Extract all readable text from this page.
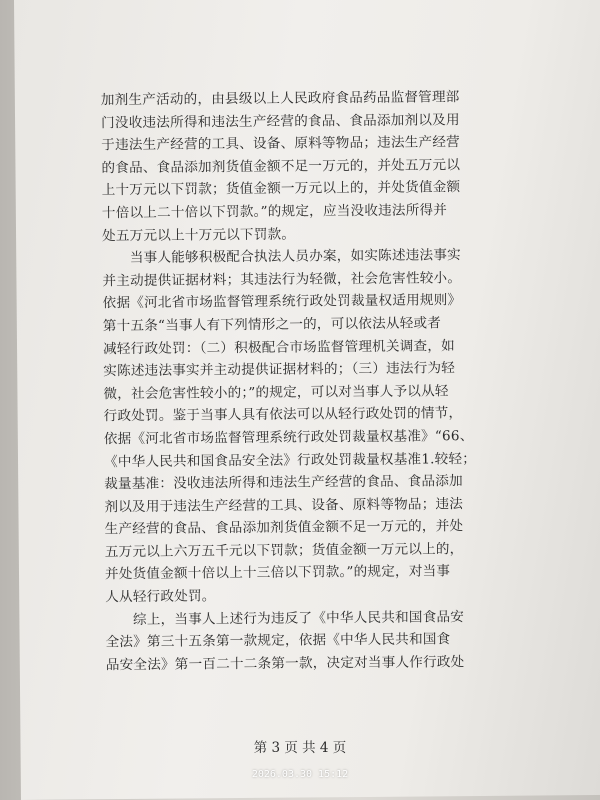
加剂生产活动的，由县级以上人民政府食品药品监督管理部
门没收违法所得和违法生产经营的食品、食品添加剂以及用
于违法生产经营的工具、设备、原料等物品；违法生产经营
的食品、食品添加剂货值金额不足一万元的，并处五万元以
上十万元以下罚款；货值金额一万元以上的，并处货值金额
十倍以上二十倍以下罚款。”的规定，应当没收违法所得并
处五万元以上十万元以下罚款。
　　当事人能够积极配合执法人员办案，如实陈述违法事实
并主动提供证据材料；其违法行为轻微，社会危害性较小。
依据《河北省市场监督管理系统行政处罚裁量权适用规则》
第十五条“当事人有下列情形之一的，可以依法从轻或者
减轻行政处罚：（二）积极配合市场监督管理机关调查，如
实陈述违法事实并主动提供证据材料的；（三）违法行为轻
微，社会危害性较小的；”的规定，可以对当事人予以从轻
行政处罚。鉴于当事人具有依法可以从轻行政处罚的情节，
依据《河北省市场监督管理系统行政处罚裁量权基准》“66、
《中华人民共和国食品安全法》行政处罚裁量权基准1.较轻；
裁量基准：没收违法所得和违法生产经营的食品、食品添加
剂以及用于违法生产经营的工具、设备、原料等物品；违法
生产经营的食品、食品添加剂货值金额不足一万元的，并处
五万元以上六万五千元以下罚款；货值金额一万元以上的，
并处货值金额十倍以上十三倍以下罚款。”的规定，对当事
人从轻行政处罚。
　　综上，当事人上述行为违反了《中华人民共和国食品安
全法》第三十五条第一款规定，依据《中华人民共和国食
品安全法》第一百二十二条第一款，决定对当事人作行政处
第 3 页 共 4 页
2026.03.30 15:12
